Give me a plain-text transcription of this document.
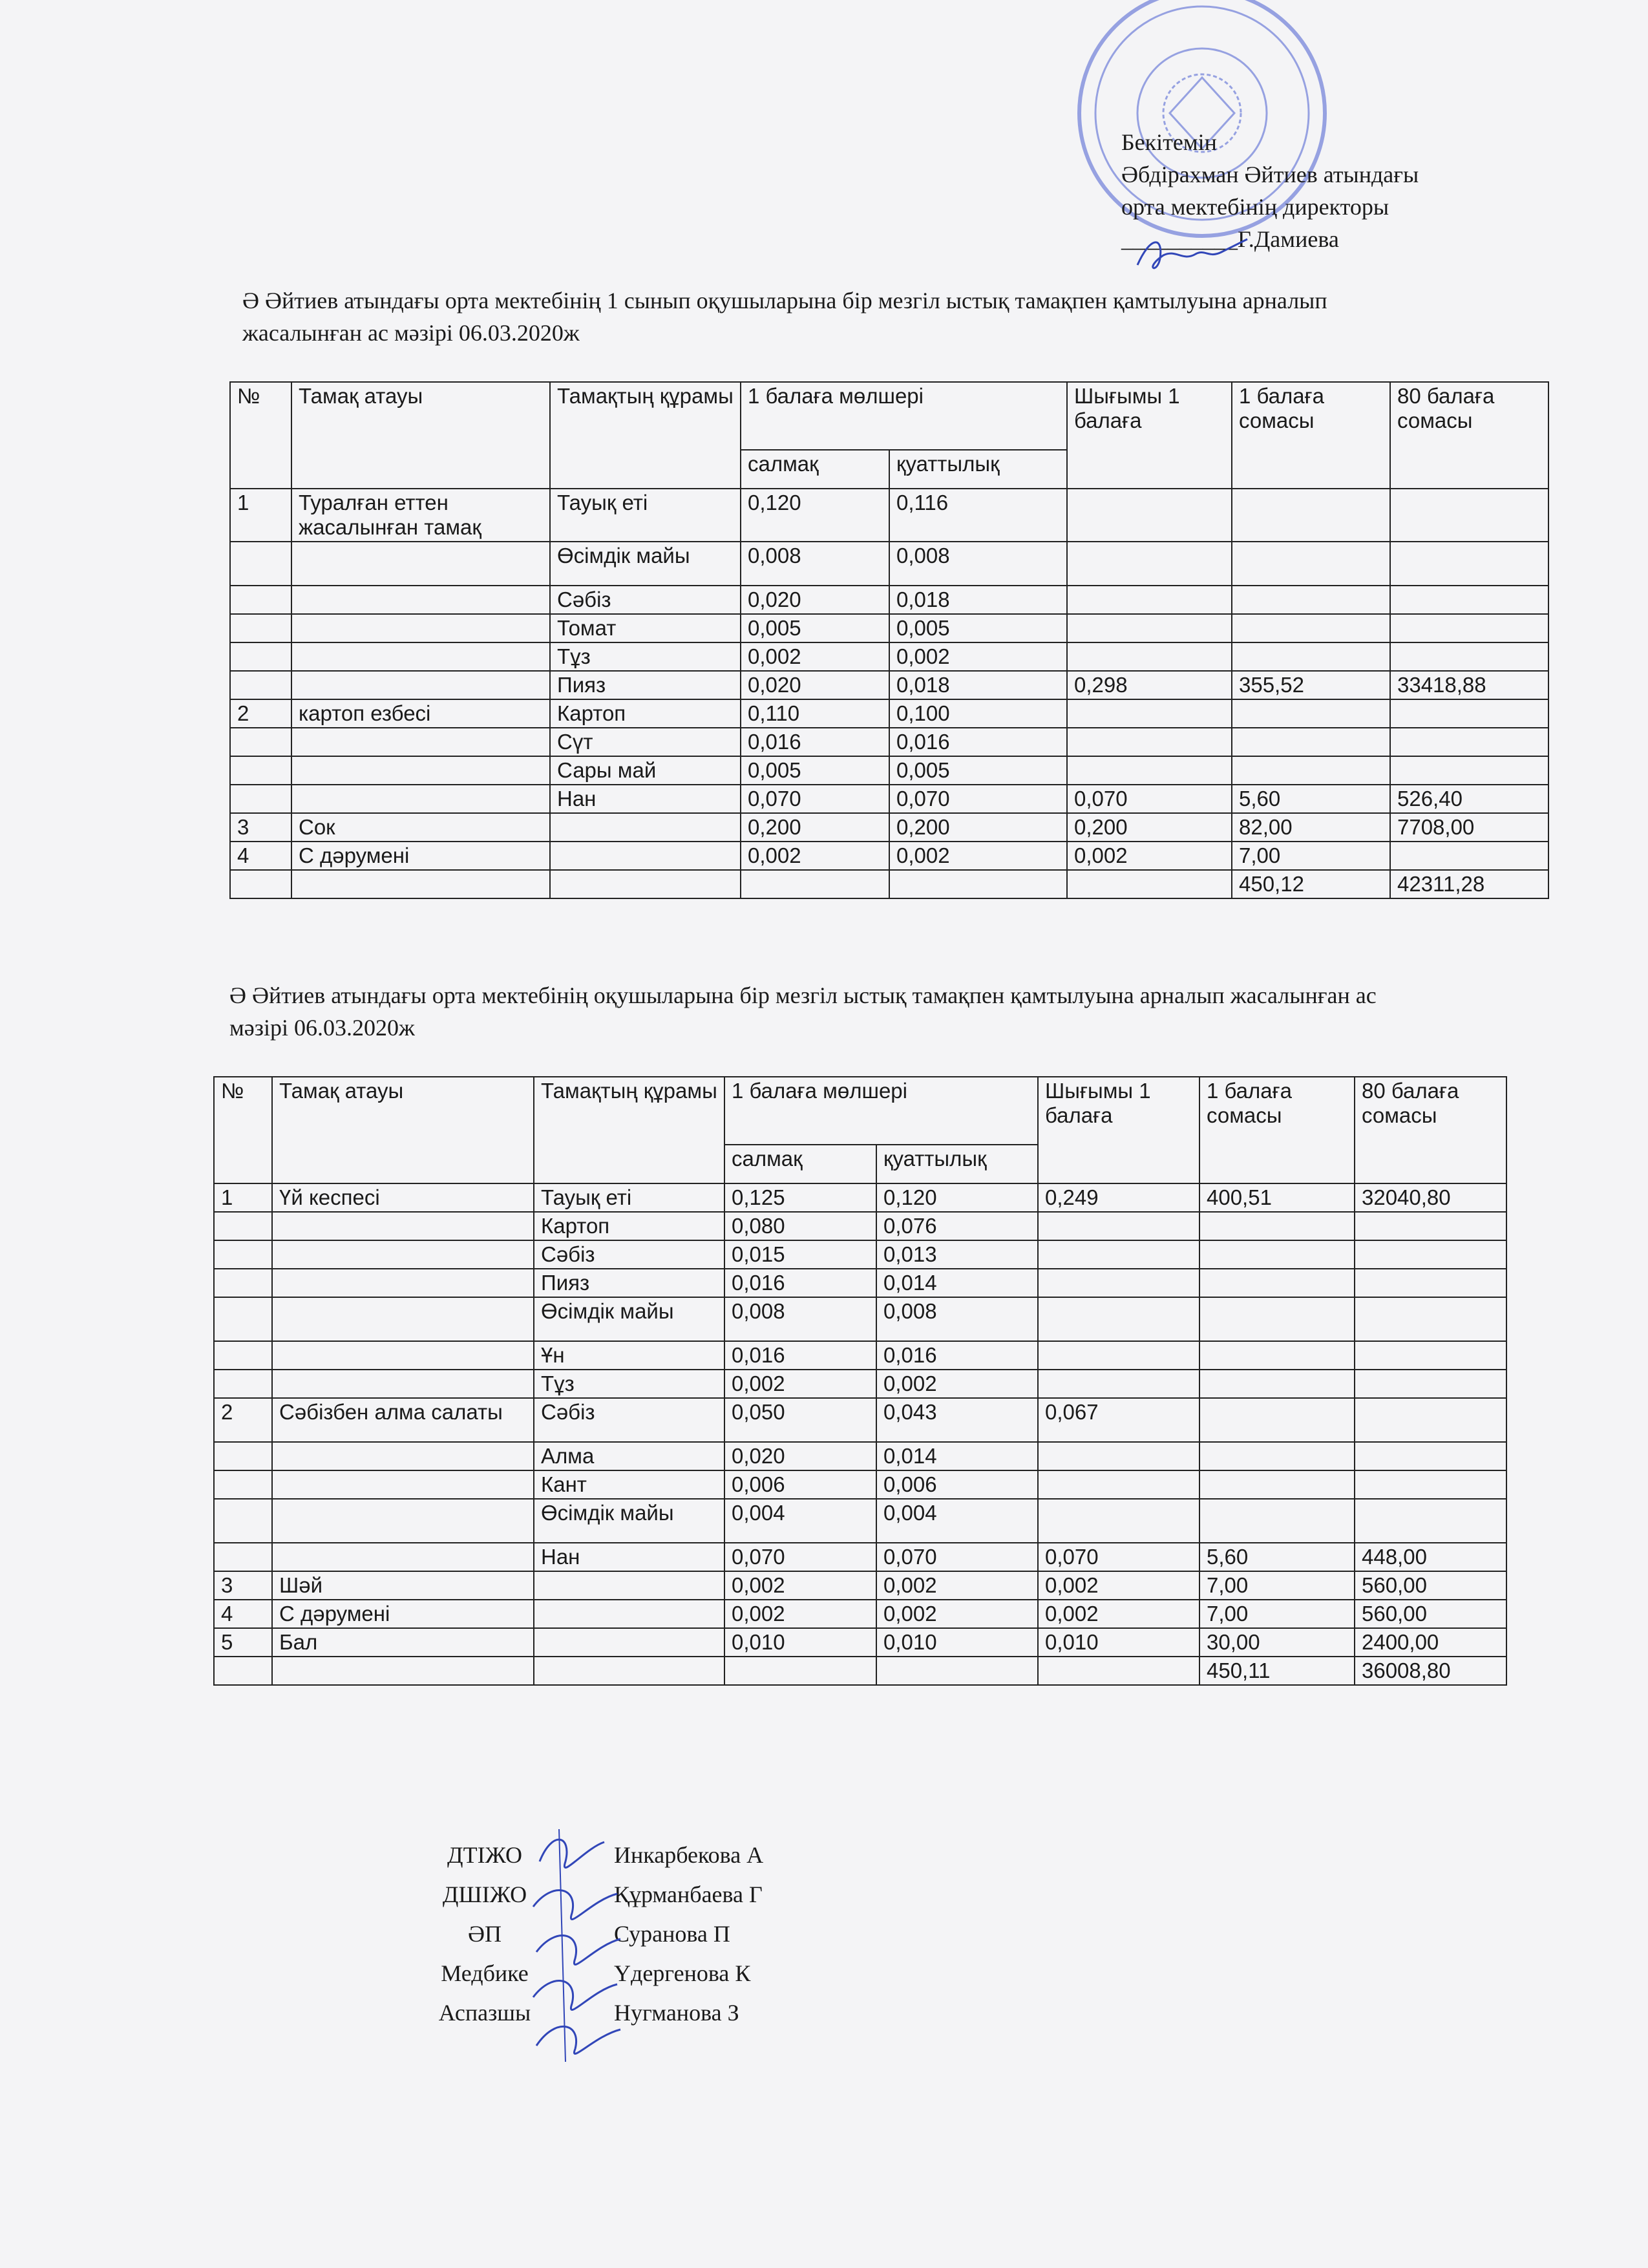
Бекітемін
Әбдірахман Әйтиев атындағы
орта мектебінің директоры
__________Г.Дамиева
Ә Әйтиев атындағы орта мектебінің 1 сынып оқушыларына бір мезгіл ыстық тамақпен қамтылуына арналып
жасалынған ас мәзірі 06.03.2020ж
№	Тамақ атауы	Тамақтың құрамы	1 балаға мөлшері		Шығымы 1 балаға	1 балаға сомасы	80 балаға сомасы
			салмақ	қуаттылық			
1	Туралған еттен жасалынған тамақ	Тауық еті	0,120	0,116			
		Өсімдік майы	0,008	0,008			
		Сәбіз	0,020	0,018			
		Томат	0,005	0,005			
		Тұз	0,002	0,002			
		Пияз	0,020	0,018	0,298	355,52	33418,88
2	картоп езбесі	Картоп	0,110	0,100			
		Сүт	0,016	0,016			
		Сары май	0,005	0,005			
		Нан	0,070	0,070	0,070	5,60	526,40
3	Сок		0,200	0,200	0,200	82,00	7708,00
4	С дәрумені		0,002	0,002	0,002	7,00	
						450,12	42311,28
Ә Әйтиев атындағы орта мектебінің оқушыларына бір мезгіл ыстық тамақпен қамтылуына арналып жасалынған ас
мәзірі 06.03.2020ж
№	Тамақ атауы	Тамақтың құрамы	1 балаға мөлшері		Шығымы 1 балаға	1 балаға сомасы	80 балаға сомасы
			салмақ	қуаттылық			
1	Үй кеспесі	Тауық еті	0,125	0,120	0,249	400,51	32040,80
		Картоп	0,080	0,076			
		Сәбіз	0,015	0,013			
		Пияз	0,016	0,014			
		Өсімдік майы	0,008	0,008			
		Ұн	0,016	0,016			
		Тұз	0,002	0,002			
2	Сәбізбен алма салаты	Сәбіз	0,050	0,043	0,067		
		Алма	0,020	0,014			
		Кант	0,006	0,006			
		Өсімдік майы	0,004	0,004			
		Нан	0,070	0,070	0,070	5,60	448,00
3	Шәй		0,002	0,002	0,002	7,00	560,00
4	С дәрумені		0,002	0,002	0,002	7,00	560,00
5	Бал		0,010	0,010	0,010	30,00	2400,00
						450,11	36008,80
ДТІЖО	Инкарбекова А
ДШІЖО	Құрманбаева Г
ӘП	Суранова П
Медбике	Үдергенова К
Аспазшы	Нугманова З
